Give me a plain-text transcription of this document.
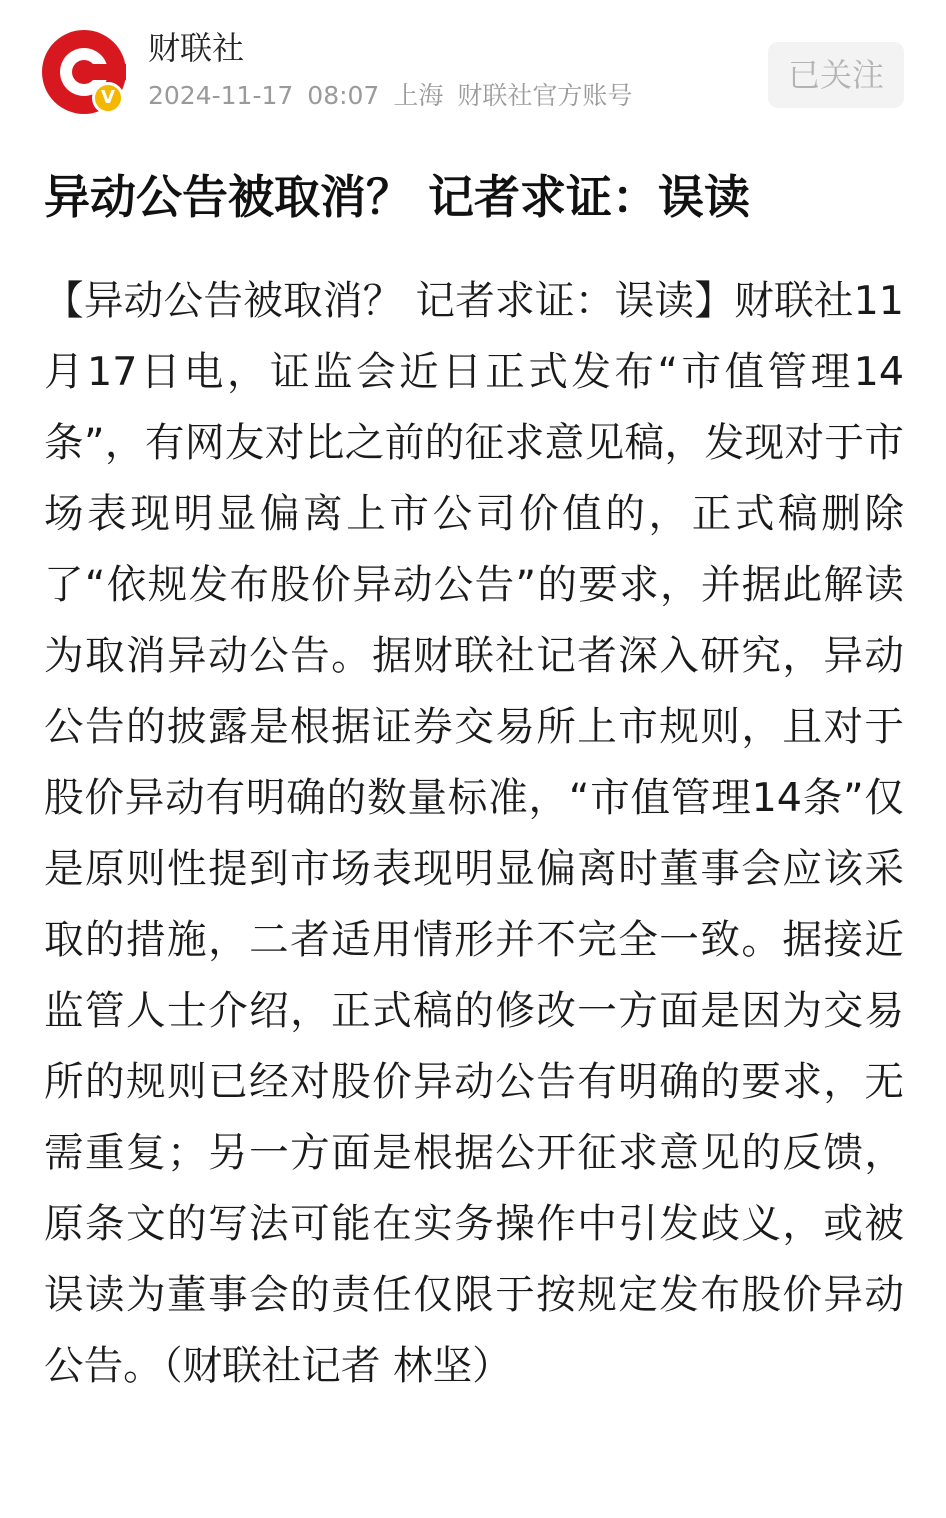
V
财联社
2024-11-17 08:07 上海 财联社官方账号
已关注
异动公告被取消？ 记者求证：误读

【异动公告被取消？ 记者求证：误读】财联社11月17日电，证监会近日正式发布“市值管理14条”，有网友对比之前的征求意见稿，发现对于市场表现明显偏离上市公司价值的，正式稿删除了“依规发布股价异动公告”的要求，并据此解读为取消异动公告。据财联社记者深入研究，异动公告的披露是根据证券交易所上市规则，且对于股价异动有明确的数量标准，“市值管理14条”仅是原则性提到市场表现明显偏离时董事会应该采取的措施，二者适用情形并不完全一致。据接近监管人士介绍，正式稿的修改一方面是因为交易所的规则已经对股价异动公告有明确的要求，无需重复；另一方面是根据公开征求意见的反馈，原条文的写法可能在实务操作中引发歧义，或被误读为董事会的责任仅限于按规定发布股价异动公告。（财联社记者 林坚）
